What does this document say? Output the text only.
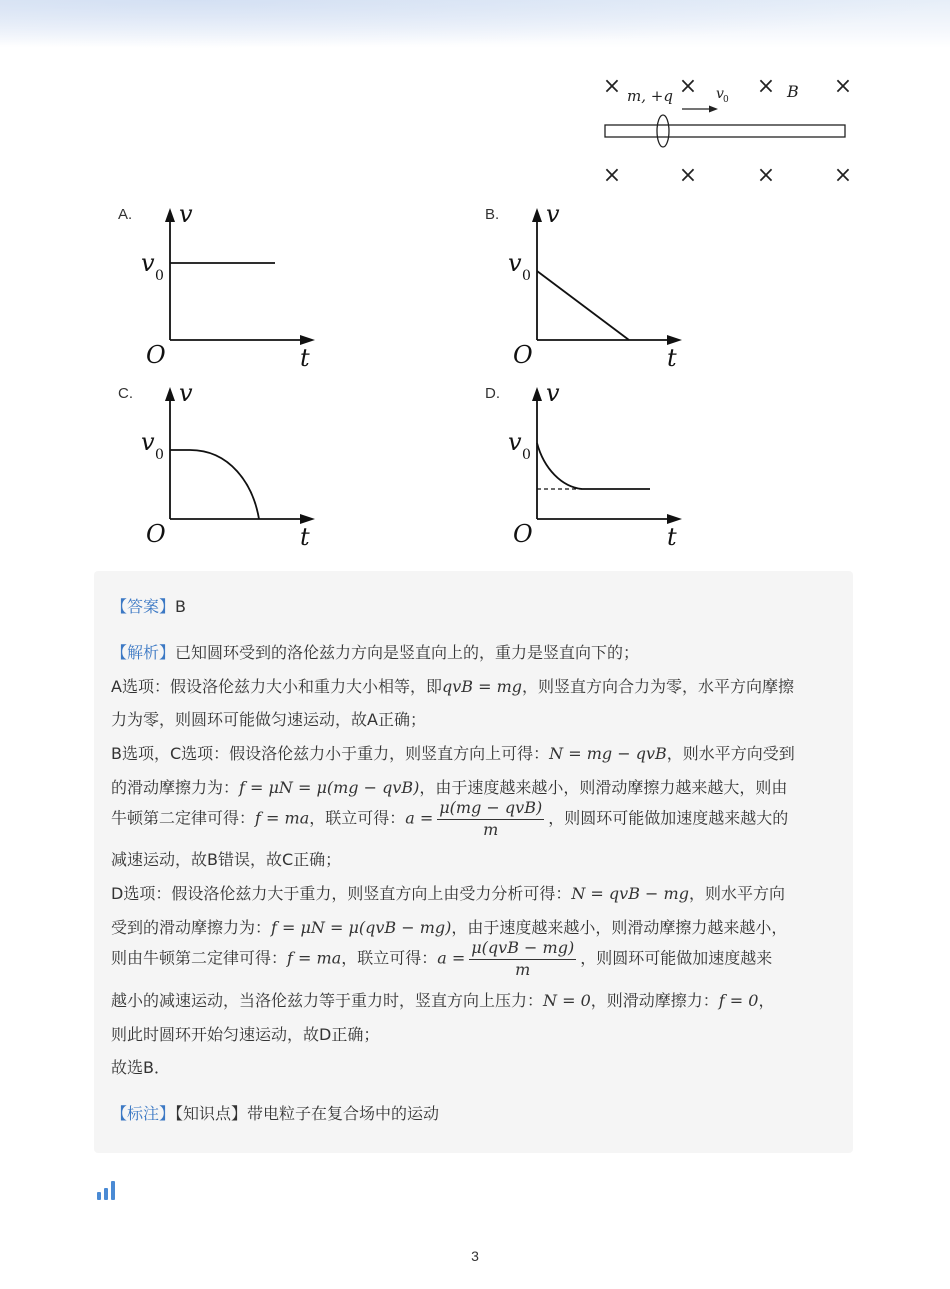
×	×	×	×
×	×	×	×
m, +q	v 0	B
A.	B.
C.	D.
v
t
O
v 0
v
t
O
v 0
v
t
O
v 0
v
t
O
v 0
【答案】B
【解析】已知圆环受到的洛伦兹力方向是竖直向上的，重力是竖直向下的；
A选项：假设洛伦兹力大小和重力大小相等，即qvB = mg，则竖直方向合力为零，水平方向摩擦
力为零，则圆环可能做匀速运动，故A正确；
B选项，C选项：假设洛伦兹力小于重力，则竖直方向上可得：N = mg − qvB，则水平方向受到
的滑动摩擦力为：f = μN = μ(mg − qvB)，由于速度越来越小，则滑动摩擦力越来越大，则由
牛顿第二定律可得：f = ma，联立可得：$a = \frac{\text{μ(mg − qvB)}}{m}$ ，则圆环可能做加速度越来越大的
减速运动，故B错误，故C正确；
D选项：假设洛伦兹力大于重力，则竖直方向上由受力分析可得：N = qvB − mg，则水平方向
受到的滑动摩擦力为：f = μN = μ(qvB − mg)，由于速度越来越小，则滑动摩擦力越来越小，
则由牛顿第二定律可得：f = ma，联立可得：$a = \frac{\text{μ(qvB − mg)}}{m}$ ，则圆环可能做加速度越来
越小的减速运动，当洛伦兹力等于重力时，竖直方向上压力：N = 0，则滑动摩擦力：f = 0，
则此时圆环开始匀速运动，故D正确；
故选B．
【标注】【知识点】带电粒子在复合场中的运动
3
